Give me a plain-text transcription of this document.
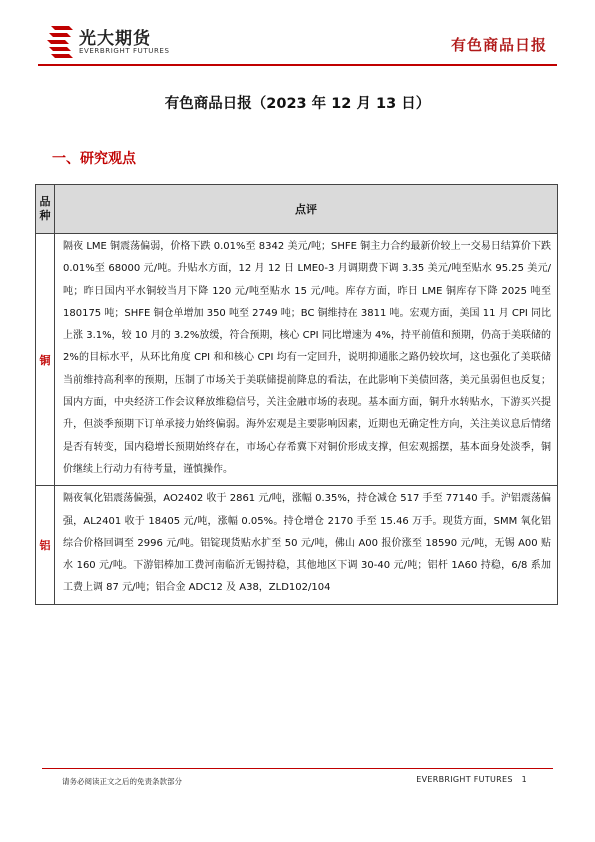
光大期货
EVERBRIGHT FUTURES	有色商品日报
有色商品日报（2023 年 12 月 13 日）
一、研究观点
品种	点评
铜	隔夜 LME 铜震荡偏弱，价格下跌 0.01%至 8342 美元/吨；SHFE 铜主力合约最新价较上一交易日结算价下跌 0.01%至 68000 元/吨。升贴水方面，12 月 12 日 LME0-3 月调期费下调 3.35 美元/吨至贴水 95.25 美元/吨；昨日国内平水铜较当月下降 120 元/吨至贴水 15 元/吨。库存方面，昨日 LME 铜库存下降 2025 吨至 180175 吨；SHFE 铜仓单增加 350 吨至 2749 吨；BC 铜维持在 3811 吨。宏观方面，美国 11 月 CPI 同比上涨 3.1%，较 10 月的 3.2%放缓，符合预期，核心 CPI 同比增速为 4%，持平前值和预期，仍高于美联储的 2%的目标水平，从环比角度 CPI 和和核心 CPI 均有一定回升，说明抑通胀之路仍较坎坷，这也强化了美联储当前维持高利率的预期，压制了市场关于美联储提前降息的看法，在此影响下美债回落，美元虽弱但也反复；国内方面，中央经济工作会议释放维稳信号，关注金融市场的表现。基本面方面，铜升水转贴水，下游买兴提升，但淡季预期下订单承接力始终偏弱。海外宏观是主要影响因素，近期也无确定性方向，关注美议息后情绪是否有转变，国内稳增长预期始终存在，市场心存希冀下对铜价形成支撑，但宏观摇摆，基本面身处淡季，铜价继续上行动力有待考量，谨慎操作。
铝	隔夜氧化铝震荡偏强，AO2402 收于 2861 元/吨，涨幅 0.35%，持仓减仓 517 手至 77140 手。沪铝震荡偏强，AL2401 收于 18405 元/吨，涨幅 0.05%。持仓增仓 2170 手至 15.46 万手。现货方面，SMM 氧化铝综合价格回调至 2996 元/吨。铝锭现货贴水扩至 50 元/吨，佛山 A00 报价涨至 18590 元/吨，无锡 A00 贴水 160 元/吨。下游铝棒加工费河南临沂无锡持稳，其他地区下调 30-40 元/吨；铝杆 1A60 持稳，6/8 系加工费上调 87 元/吨；铝合金 ADC12 及 A38，ZLD102/104
请务必阅读正文之后的免责条款部分	EVERBRIGHT FUTURES 1
